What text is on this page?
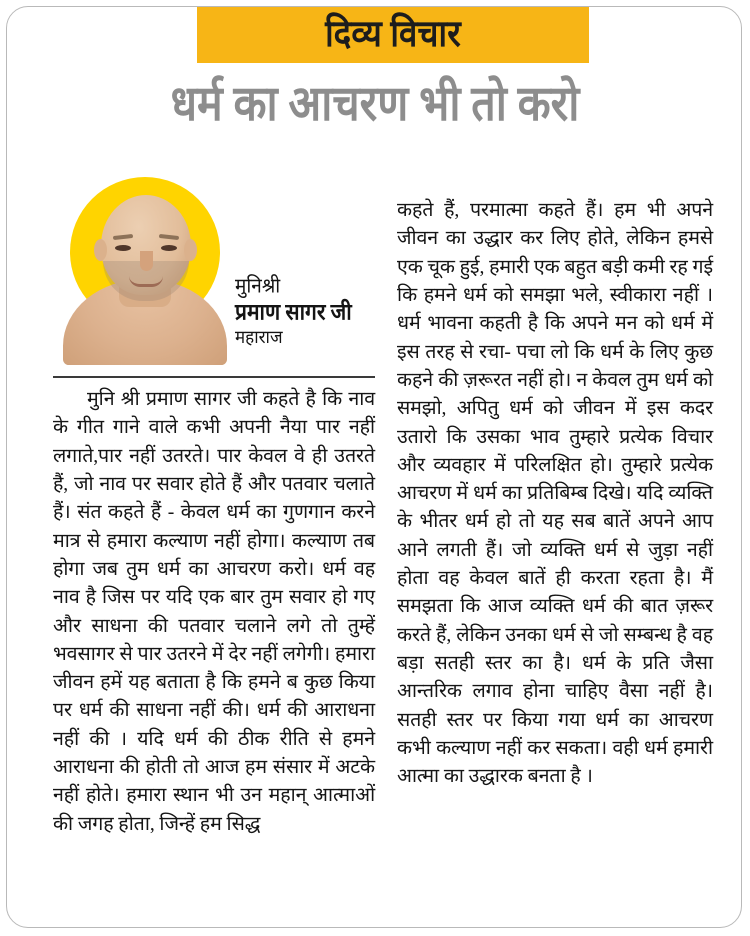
दिव्य विचार
धर्म का आचरण भी तो करो
मुनिश्री
प्रमाण सागर जी
महाराज

मुनि श्री प्रमाण सागर जी कहते है कि नाव के गीत गाने वाले कभी अपनी नैया पार नहीं लगाते,पार नहीं उतरते। पार केवल वे ही उतरते हैं, जो नाव पर सवार होते हैं और पतवार चलाते हैं। संत कहते हैं - केवल धर्म का गुणगान करने मात्र से हमारा कल्याण नहीं होगा। कल्याण तब होगा जब तुम धर्म का आचरण करो। धर्म वह नाव है जिस पर यदि एक बार तुम सवार हो गए और साधना की पतवार चलाने लगे तो तुम्हें भवसागर से पार उतरने में देर नहीं लगेगी। हमारा जीवन हमें यह बताता है कि हमने ब कुछ किया पर धर्म की साधना नहीं की। धर्म की आराधना नहीं की । यदि धर्म की ठीक रीति से हमने आराधना की होती तो आज हम संसार में अटके नहीं होते। हमारा स्थान भी उन महान् आत्माओं की जगह होता, जिन्हें हम सिद्ध

कहते हैं, परमात्मा कहते हैं। हम भी अपने जीवन का उद्धार कर लिए होते, लेकिन हमसे एक चूक हुई, हमारी एक बहुत बड़ी कमी रह गई कि हमने धर्म को समझा भले, स्वीकारा नहीं । धर्म भावना कहती है कि अपने मन को धर्म में इस तरह से रचा- पचा लो कि धर्म के लिए कुछ कहने की ज़रूरत नहीं हो। न केवल तुम धर्म को समझो, अपितु धर्म को जीवन में इस कदर उतारो कि उसका भाव तुम्हारे प्रत्येक विचार और व्यवहार में परिलक्षित हो। तुम्हारे प्रत्येक आचरण में धर्म का प्रतिबिम्ब दिखे। यदि व्यक्ति के भीतर धर्म हो तो यह सब बातें अपने आप आने लगती हैं। जो व्यक्ति धर्म से जुड़ा नहीं होता वह केवल बातें ही करता रहता है। मैं समझता कि आज व्यक्ति धर्म की बात ज़रूर करते हैं, लेकिन उनका धर्म से जो सम्बन्ध है वह बड़ा सतही स्तर का है। धर्म के प्रति जैसा आन्तरिक लगाव होना चाहिए वैसा नहीं है। सतही स्तर पर किया गया धर्म का आचरण कभी कल्याण नहीं कर सकता। वही धर्म हमारी आत्मा का उद्धारक बनता है ।
